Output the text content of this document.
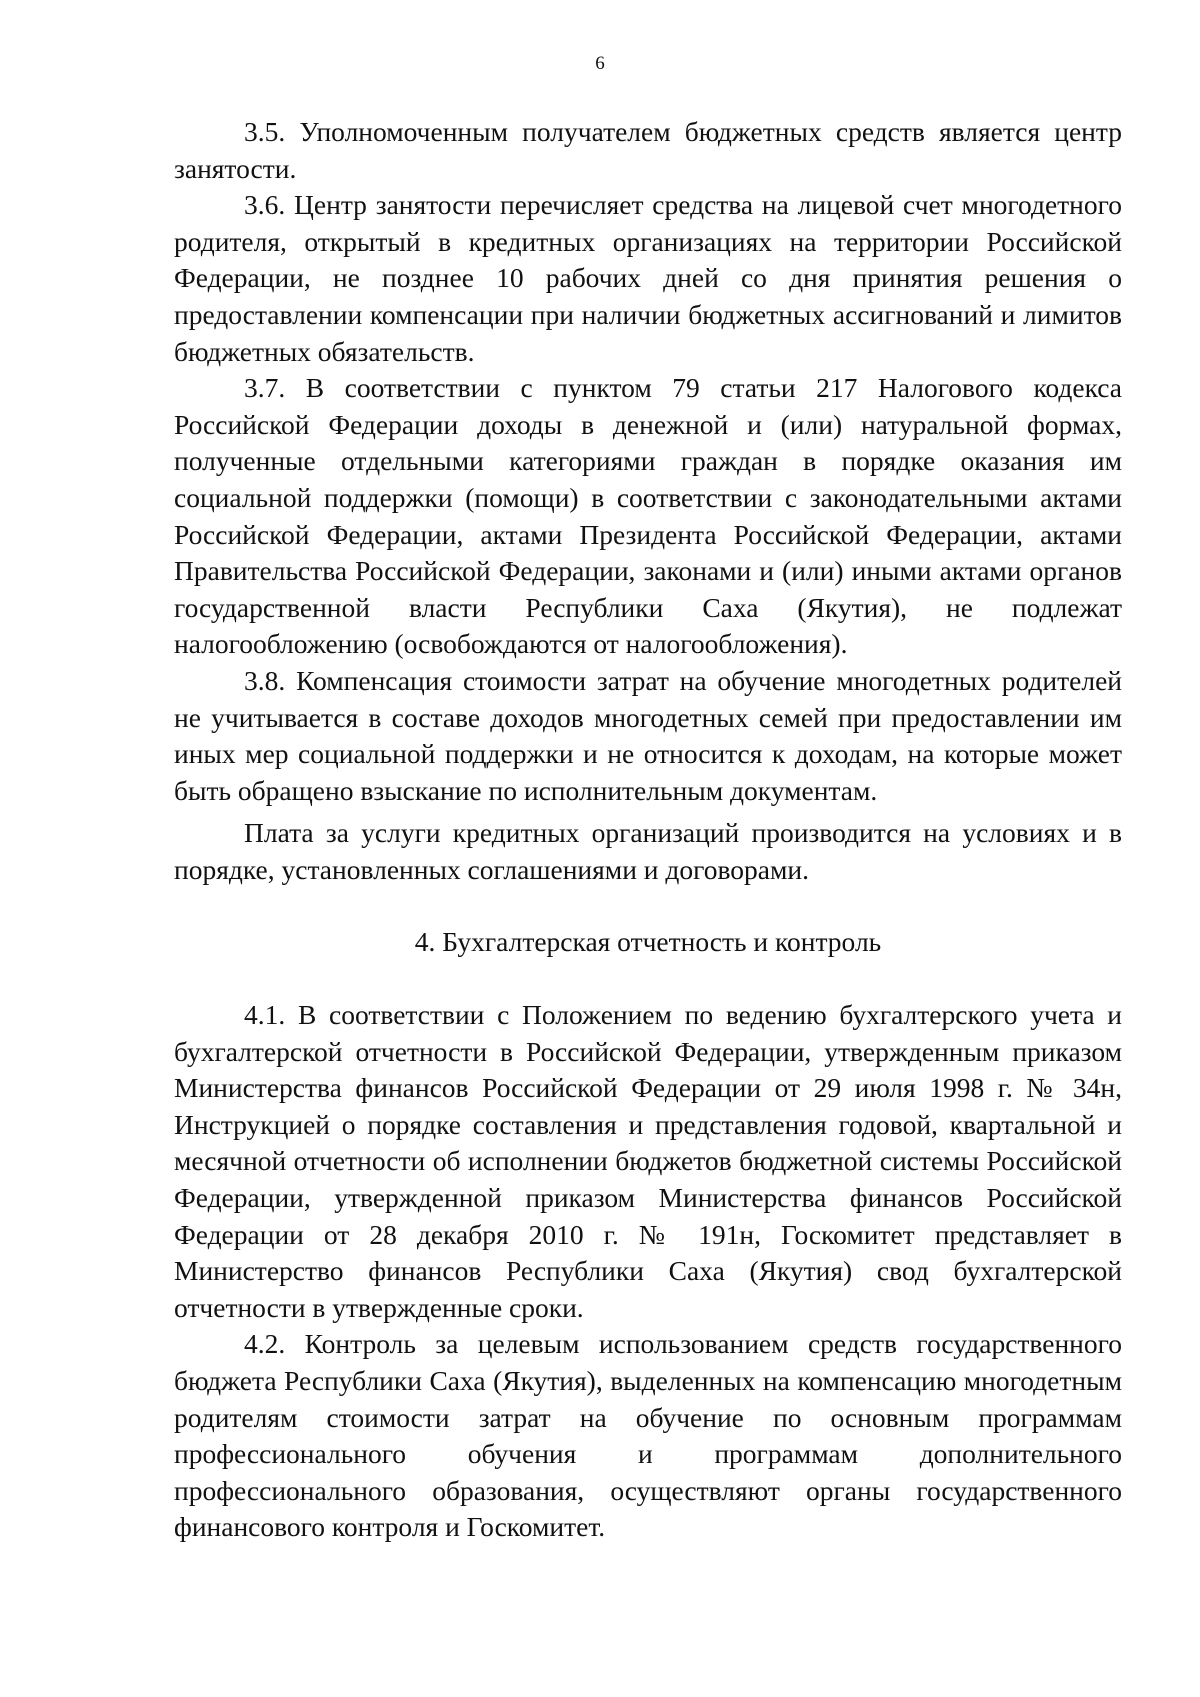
6

3.5. Уполномоченным получателем бюджетных средств является центр занятости.

3.6. Центр занятости перечисляет средства на лицевой счет многодетного родителя, открытый в кредитных организациях на территории Российской Федерации, не позднее 10 рабочих дней со дня принятия решения о предоставлении компенсации при наличии бюджетных ассигнований и лимитов бюджетных обязательств.

3.7. В соответствии с пунктом 79 статьи 217 Налогового кодекса Российской Федерации доходы в денежной и (или) натуральной формах, полученные отдельными категориями граждан в порядке оказания им социальной поддержки (помощи) в соответствии с законодательными актами Российской Федерации, актами Президента Российской Федерации, актами Правительства Российской Федерации, законами и (или) иными актами органов государственной власти Республики Саха (Якутия), не подлежат налогообложению (освобождаются от налогообложения).

3.8. Компенсация стоимости затрат на обучение многодетных родителей не учитывается в составе доходов многодетных семей при предоставлении им иных мер социальной поддержки и не относится к доходам, на которые может быть обращено взыскание по исполнительным документам.

Плата за услуги кредитных организаций производится на условиях и в порядке, установленных соглашениями и договорами.

4. Бухгалтерская отчетность и контроль

4.1. В соответствии с Положением по ведению бухгалтерского учета и бухгалтерской отчетности в Российской Федерации, утвержденным приказом Министерства финансов Российской Федерации от 29 июля 1998 г. № 34н, Инструкцией о порядке составления и представления годовой, квартальной и месячной отчетности об исполнении бюджетов бюджетной системы Российской Федерации, утвержденной приказом Министерства финансов Российской Федерации от 28 декабря 2010 г. № 191н, Госкомитет представляет в Министерство финансов Республики Саха (Якутия) свод бухгалтерской отчетности в утвержденные сроки.

4.2. Контроль за целевым использованием средств государственного бюджета Республики Саха (Якутия), выделенных на компенсацию многодетным родителям стоимости затрат на обучение по основным программам профессионального обучения и программам дополнительного профессионального образования, осуществляют органы государственного финансового контроля и Госкомитет.
